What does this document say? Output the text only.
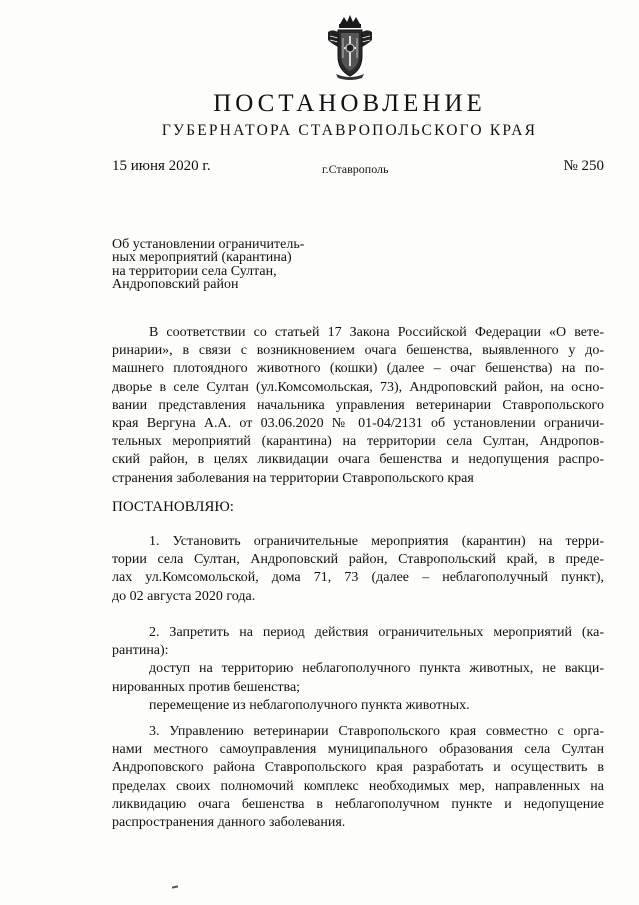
ПОСТАНОВЛЕНИЕ
ГУБЕРНАТОРА СТАВРОПОЛЬСКОГО КРАЯ
15 июня 2020 г.	г.Ставрополь	№ 250
Об установлении ограничитель-
ных мероприятий (карантина)
на территории села Султан,
Андроповский район
В соответствии со статьей 17 Закона Российской Федерации «О вете-
ринарии», в связи с возникновением очага бешенства, выявленного у до-
машнего плотоядного животного (кошки) (далее – очаг бешенства) на по-
дворье в селе Султан (ул.Комсомольская, 73), Андроповский район, на осно-
вании представления начальника управления ветеринарии Ставропольского
края Вергуна А.А. от 03.06.2020 № 01-04/2131 об установлении ограничи-
тельных мероприятий (карантина) на территории села Султан, Андропов-
ский район, в целях ликвидации очага бешенства и недопущения распро-
странения заболевания на территории Ставропольского края
ПОСТАНОВЛЯЮ:
1. Установить ограничительные мероприятия (карантин) на терри-
тории села Султан, Андроповский район, Ставропольский край, в преде-
лах ул.Комсомольской, дома 71, 73 (далее – неблагополучный пункт),
до 02 августа 2020 года.
2. Запретить на период действия ограничительных мероприятий (ка-
рантина):
доступ на территорию неблагополучного пункта животных, не вакци-
нированных против бешенства;
перемещение из неблагополучного пункта животных.
3. Управлению ветеринарии Ставропольского края совместно с орга-
нами местного самоуправления муниципального образования села Султан
Андроповского района Ставропольского края разработать и осуществить в
пределах своих полномочий комплекс необходимых мер, направленных на
ликвидацию очага бешенства в неблагополучном пункте и недопущение
распространения данного заболевания.
